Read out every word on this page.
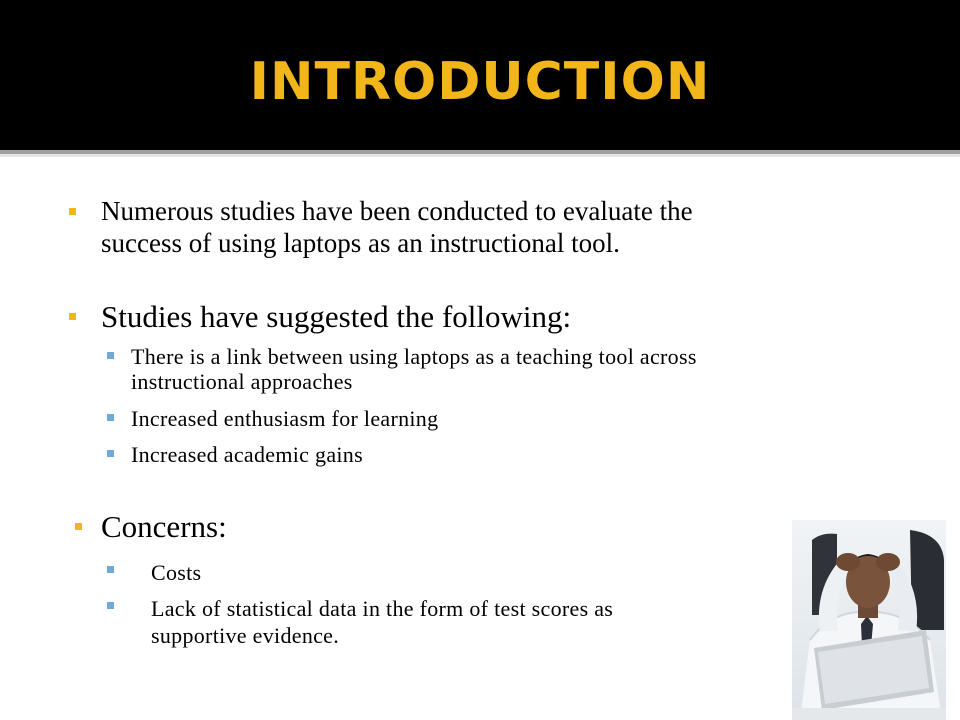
INTRODUCTION
Numerous studies have been conducted to evaluate the
success of using laptops as an instructional tool.
Studies have suggested the following:
There is a link between using laptops as a teaching tool across
instructional approaches
Increased enthusiasm for learning
Increased academic gains
Concerns:
Costs
Lack of statistical data in the form of test scores as
supportive evidence.
